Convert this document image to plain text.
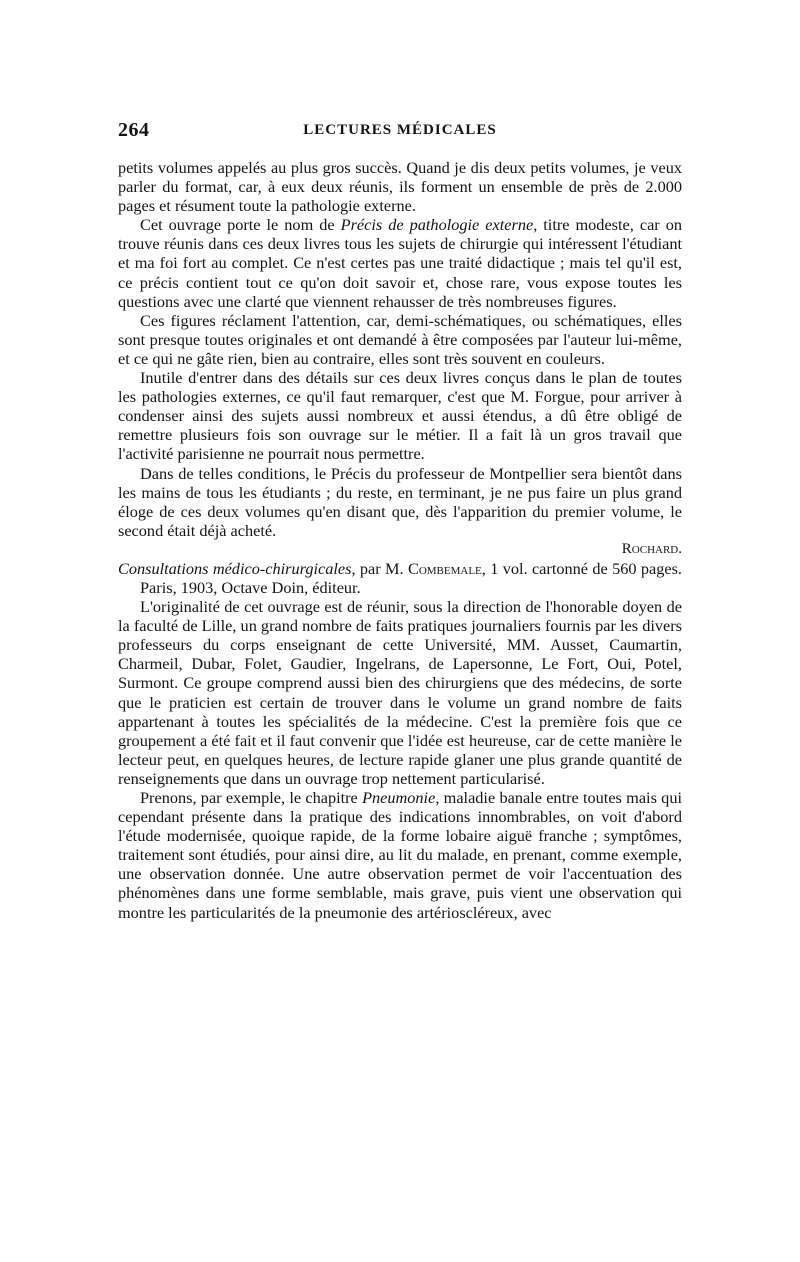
264	LECTURES MÉDICALES

petits volumes appelés au plus gros succès. Quand je dis deux petits volumes, je veux parler du format, car, à eux deux réunis, ils forment un ensemble de près de 2.000 pages et résument toute la pathologie externe.

Cet ouvrage porte le nom de Précis de pathologie externe, titre modeste, car on trouve réunis dans ces deux livres tous les sujets de chirurgie qui intéressent l'étudiant et ma foi fort au complet. Ce n'est certes pas une traité didactique ; mais tel qu'il est, ce précis contient tout ce qu'on doit savoir et, chose rare, vous expose toutes les questions avec une clarté que viennent rehausser de très nombreuses figures.

Ces figures réclament l'attention, car, demi-schématiques, ou schématiques, elles sont presque toutes originales et ont demandé à être composées par l'auteur lui-même, et ce qui ne gâte rien, bien au contraire, elles sont très souvent en couleurs.

Inutile d'entrer dans des détails sur ces deux livres conçus dans le plan de toutes les pathologies externes, ce qu'il faut remarquer, c'est que M. Forgue, pour arriver à condenser ainsi des sujets aussi nombreux et aussi étendus, a dû être obligé de remettre plusieurs fois son ouvrage sur le métier. Il a fait là un gros travail que l'activité parisienne ne pourrait nous permettre.

Dans de telles conditions, le Précis du professeur de Montpellier sera bientôt dans les mains de tous les étudiants ; du reste, en terminant, je ne pus faire un plus grand éloge de ces deux volumes qu'en disant que, dès l'apparition du premier volume, le second était déjà acheté.

Rochard.

Consultations médico-chirurgicales, par M. Combemale, 1 vol. cartonné de 560 pages. Paris, 1903, Octave Doin, éditeur.

L'originalité de cet ouvrage est de réunir, sous la direction de l'honorable doyen de la faculté de Lille, un grand nombre de faits pratiques journaliers fournis par les divers professeurs du corps enseignant de cette Université, MM. Ausset, Caumartin, Charmeil, Dubar, Folet, Gaudier, Ingelrans, de Lapersonne, Le Fort, Oui, Potel, Surmont. Ce groupe comprend aussi bien des chirurgiens que des médecins, de sorte que le praticien est certain de trouver dans le volume un grand nombre de faits appartenant à toutes les spécialités de la médecine. C'est la première fois que ce groupement a été fait et il faut convenir que l'idée est heureuse, car de cette manière le lecteur peut, en quelques heures, de lecture rapide glaner une plus grande quantité de renseignements que dans un ouvrage trop nettement particularisé.

Prenons, par exemple, le chapitre Pneumonie, maladie banale entre toutes mais qui cependant présente dans la pratique des indications innombrables, on voit d'abord l'étude modernisée, quoique rapide, de la forme lobaire aiguë franche ; symptômes, traitement sont étudiés, pour ainsi dire, au lit du malade, en prenant, comme exemple, une observation donnée. Une autre observation permet de voir l'accentuation des phénomènes dans une forme semblable, mais grave, puis vient une observation qui montre les particularités de la pneumonie des artérioscléreux, avec
